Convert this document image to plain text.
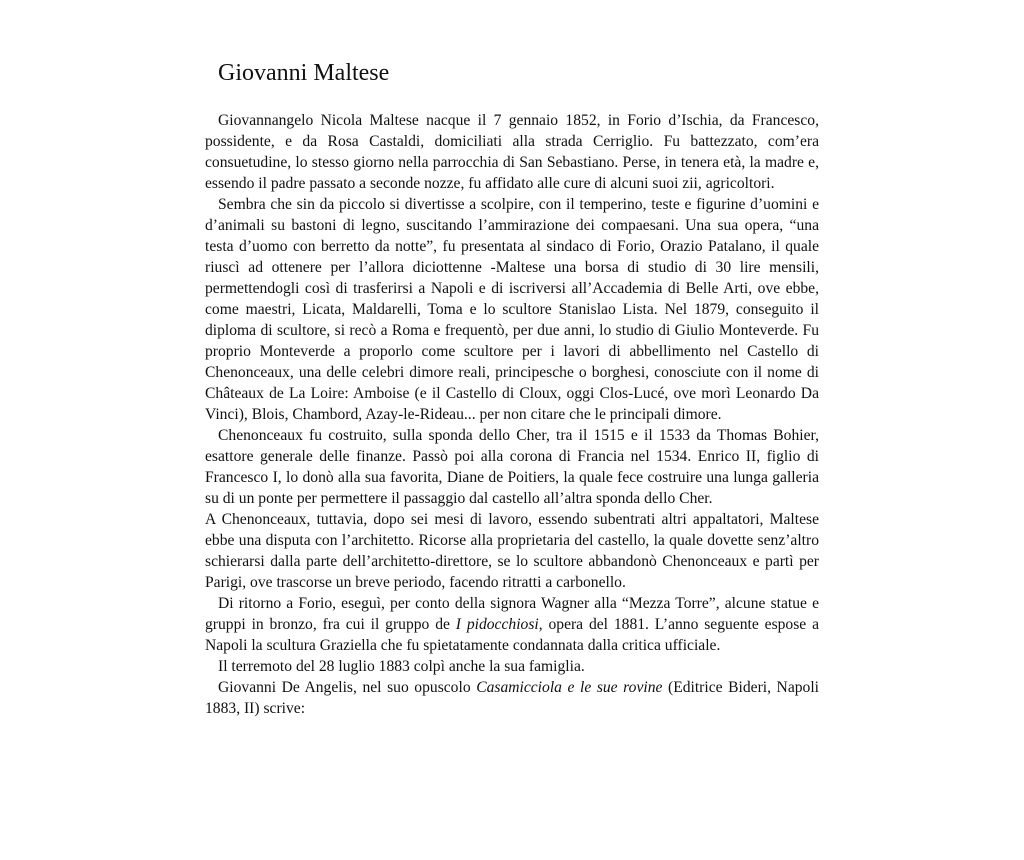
Giovanni Maltese

Giovannangelo Nicola Maltese nacque il 7 gennaio 1852, in Forio d’Ischia, da Francesco, possidente, e da Rosa Castaldi, domiciliati alla strada Cerriglio. Fu battezzato, com’era consuetudine, lo stesso giorno nella parrocchia di San Sebastiano. Perse, in tenera età, la madre e, essendo il padre passato a seconde nozze, fu affidato alle cure di alcuni suoi zii, agricoltori.

Sembra che sin da piccolo si divertisse a scolpire, con il temperino, teste e figurine d’uomini e d’animali su bastoni di legno, suscitando l’ammirazione dei compaesani. Una sua opera, “una testa d’uomo con berretto da notte”, fu presentata al sindaco di Forio, Orazio Patalano, il quale riuscì ad ottenere per l’allora diciottenne -Maltese una borsa di studio di 30 lire mensili, permettendogli così di trasferirsi a Napoli e di iscriversi all’Accademia di Belle Arti, ove ebbe, come maestri, Licata, Maldarelli, Toma e lo scultore Stanislao Lista. Nel 1879, conseguito il diploma di scultore, si recò a Roma e frequentò, per due anni, lo studio di Giulio Monteverde. Fu proprio Monteverde a proporlo come scultore per i lavori di abbellimento nel Castello di Chenonceaux, una delle celebri dimore reali, principesche o borghesi, conosciute con il nome di Châteaux de La Loire: Amboise (e il Castello di Cloux, oggi Clos-Lucé, ove morì Leonardo Da Vinci), Blois, Chambord, Azay-le-Rideau... per non citare che le principali dimore.

Chenonceaux fu costruito, sulla sponda dello Cher, tra il 1515 e il 1533 da Thomas Bohier, esattore generale delle finanze. Passò poi alla corona di Francia nel 1534. Enrico II, figlio di Francesco I, lo donò alla sua favorita, Diane de Poitiers, la quale fece costruire una lunga galleria su di un ponte per permettere il passaggio dal castello all’altra sponda dello Cher.

A Chenonceaux, tuttavia, dopo sei mesi di lavoro, essendo subentrati altri appaltatori, Maltese ebbe una disputa con l’architetto. Ricorse alla proprietaria del castello, la quale dovette senz’altro schierarsi dalla parte dell’architetto-direttore, se lo scultore abbandonò Chenonceaux e partì per Parigi, ove trascorse un breve periodo, facendo ritratti a carbonello.

Di ritorno a Forio, eseguì, per conto della signora Wagner alla “Mezza Torre”, alcune statue e gruppi in bronzo, fra cui il gruppo de I pidocchiosi, opera del 1881. L’anno seguente espose a Napoli la scultura Graziella che fu spietatamente condannata dalla critica ufficiale.

Il terremoto del 28 luglio 1883 colpì anche la sua famiglia.

Giovanni De Angelis, nel suo opuscolo Casamicciola e le sue rovine (Editrice Bideri, Napoli 1883, II) scrive:
